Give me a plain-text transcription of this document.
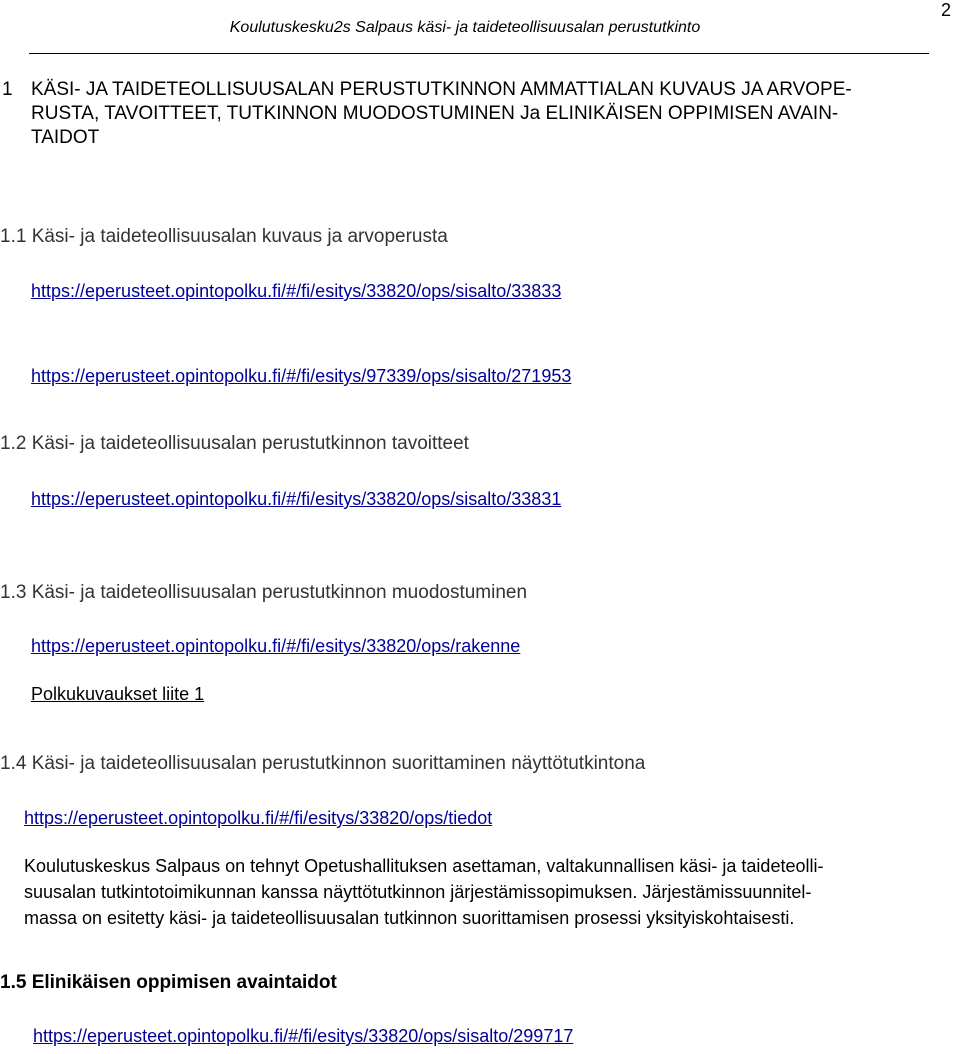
2
Koulutuskesku2s Salpaus käsi- ja taideteollisuusalan perustutkinto
1 KÄSI- JA TAIDETEOLLISUUSALAN PERUSTUTKINNON AMMATTIALAN KUVAUS JA ARVOPE-
RUSTA, TAVOITTEET, TUTKINNON MUODOSTUMINEN Ja ELINIKÄISEN OPPIMISEN AVAIN-
TAIDOT
1.1 Käsi- ja taideteollisuusalan kuvaus ja arvoperusta
https://eperusteet.opintopolku.fi/#/fi/esitys/33820/ops/sisalto/33833
https://eperusteet.opintopolku.fi/#/fi/esitys/97339/ops/sisalto/271953
1.2 Käsi- ja taideteollisuusalan perustutkinnon tavoitteet
https://eperusteet.opintopolku.fi/#/fi/esitys/33820/ops/sisalto/33831
1.3 Käsi- ja taideteollisuusalan perustutkinnon muodostuminen
https://eperusteet.opintopolku.fi/#/fi/esitys/33820/ops/rakenne
Polkukuvaukset liite 1
1.4 Käsi- ja taideteollisuusalan perustutkinnon suorittaminen näyttötutkintona
https://eperusteet.opintopolku.fi/#/fi/esitys/33820/ops/tiedot
Koulutuskeskus Salpaus on tehnyt Opetushallituksen asettaman, valtakunnallisen käsi- ja taideteolli-
suusalan tutkintotoimikunnan kanssa näyttötutkinnon järjestämissopimuksen. Järjestämissuunnitel-
massa on esitetty käsi- ja taideteollisuusalan tutkinnon suorittamisen prosessi yksityiskohtaisesti.
1.5 Elinikäisen oppimisen avaintaidot
https://eperusteet.opintopolku.fi/#/fi/esitys/33820/ops/sisalto/299717
